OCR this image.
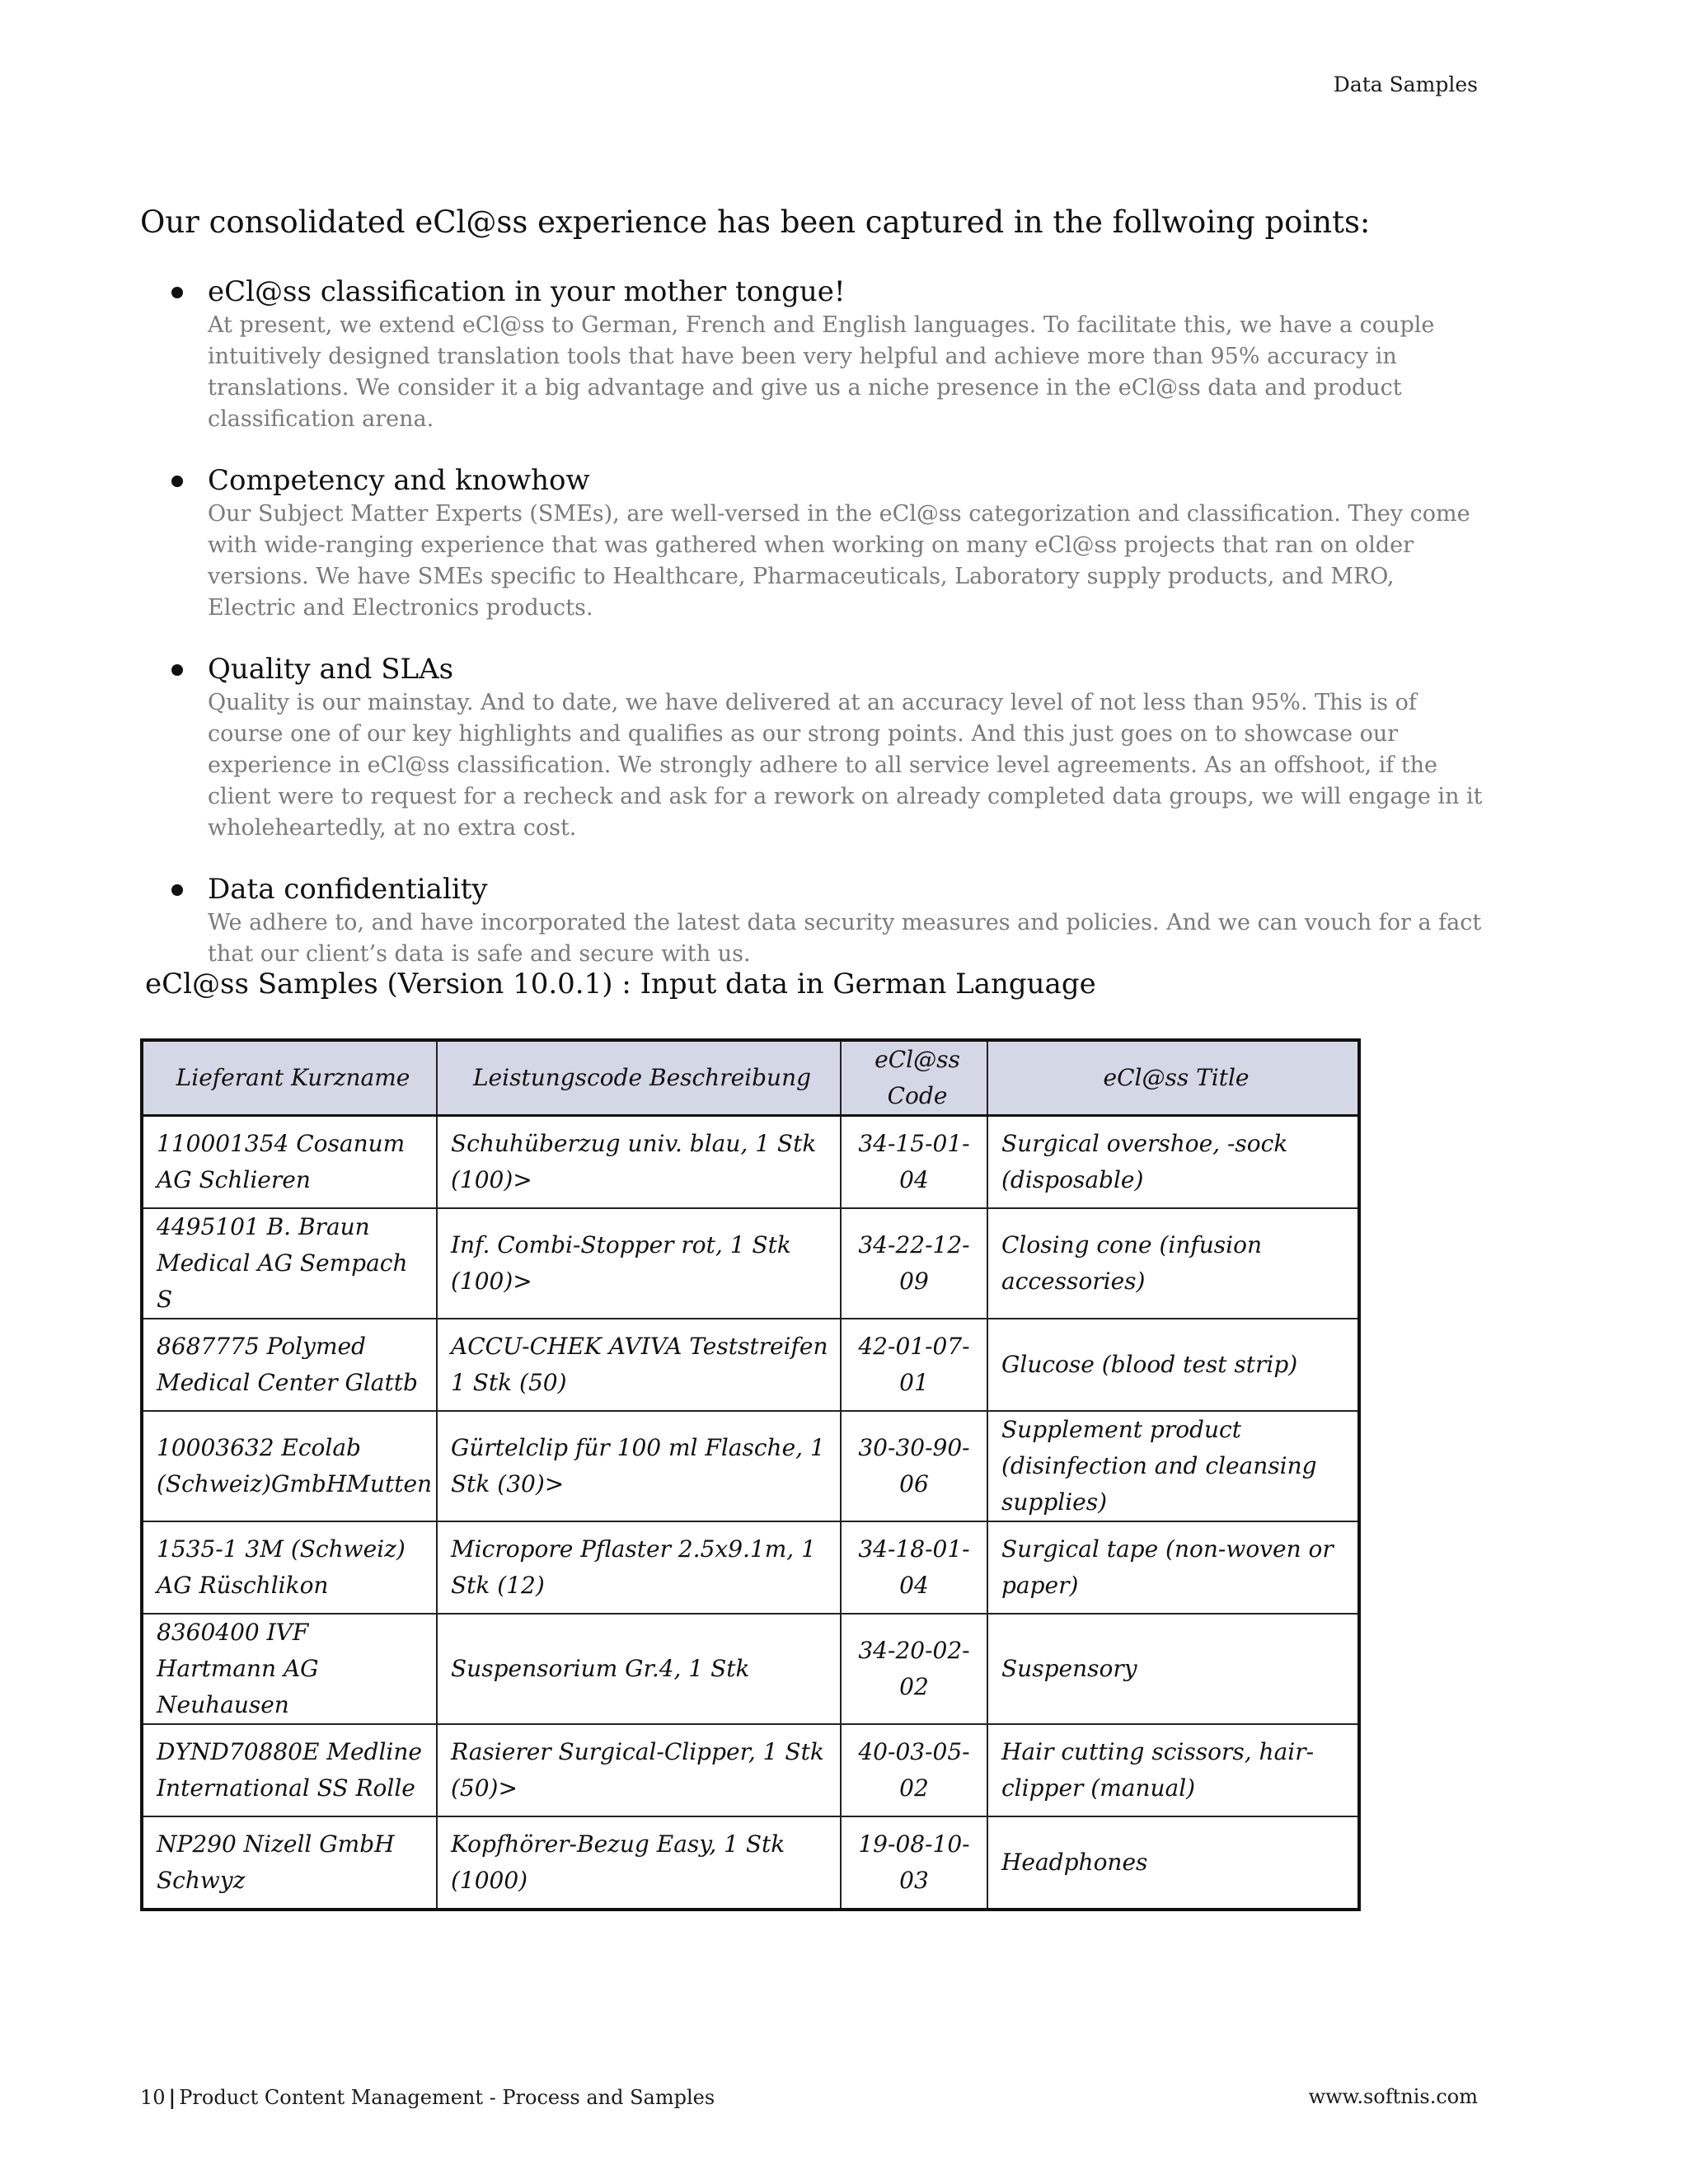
Data Samples
Our consolidated eCl@ss experience has been captured in the follwoing points:
eCl@ss classification in your mother tongue!
At present, we extend eCl@ss to German, French and English languages. To facilitate this, we have a couple intuitively designed translation tools that have been very helpful and achieve more than 95% accuracy in translations. We consider it a big advantage and give us a niche presence in the eCl@ss data and product classification arena.
Competency and knowhow
Our Subject Matter Experts (SMEs), are well-versed in the eCl@ss categorization and classification. They come with wide-ranging experience that was gathered when working on many eCl@ss projects that ran on older versions. We have SMEs specific to Healthcare, Pharmaceuticals, Laboratory supply products, and MRO, Electric and Electronics products.
Quality and SLAs
Quality is our mainstay. And to date, we have delivered at an accuracy level of not less than 95%. This is of course one of our key highlights and qualifies as our strong points. And this just goes on to showcase our experience in eCl@ss classification. We strongly adhere to all service level agreements. As an offshoot, if the client were to request for a recheck and ask for a rework on already completed data groups, we will engage in it wholeheartedly, at no extra cost.
Data confidentiality
We adhere to, and have incorporated the latest data security measures and policies. And we can vouch for a fact that our client’s data is safe and secure with us.
eCl@ss Samples (Version 10.0.1) : Input data in German Language
Lieferant Kurzname	Leistungscode Beschreibung	eCl@ss Code	eCl@ss Title
110001354 Cosanum AG Schlieren	Schuhüberzug univ. blau, 1 Stk (100)>	34-15-01-04	Surgical overshoe, -sock (disposable)
4495101 B. Braun Medical AG Sempach S	Inf. Combi-Stopper rot, 1 Stk (100)>	34-22-12-09	Closing cone (infusion accessories)
8687775 Polymed Medical Center Glattb	ACCU-CHEK AVIVA Teststreifen 1 Stk (50)	42-01-07-01	Glucose (blood test strip)
10003632 Ecolab (Schweiz)GmbHMutten	Gürtelclip für 100 ml Flasche, 1 Stk (30)>	30-30-90-06	Supplement product (disinfection and cleansing supplies)
1535-1 3M (Schweiz) AG Rüschlikon	Micropore Pflaster 2.5x9.1m, 1 Stk (12)	34-18-01-04	Surgical tape (non-woven or paper)
8360400 IVF Hartmann AG Neuhausen	Suspensorium Gr.4, 1 Stk	34-20-02-02	Suspensory
DYND70880E Medline International SS Rolle	Rasierer Surgical-Clipper, 1 Stk (50)>	40-03-05-02	Hair cutting scissors, hair-clipper (manual)
NP290 Nizell GmbH Schwyz	Kopfhörer-Bezug Easy, 1 Stk (1000)	19-08-10-03	Headphones
10 | Product Content Management - Process and Samples	www.softnis.com
